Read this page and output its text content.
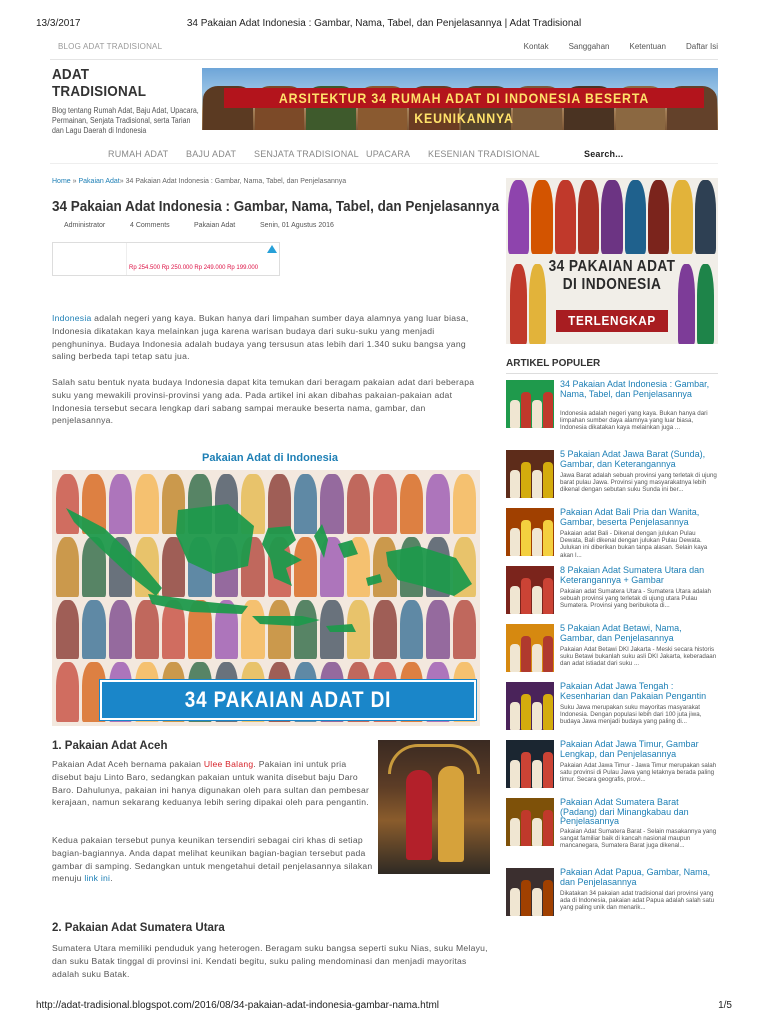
13/3/2017	34 Pakaian Adat Indonesia : Gambar, Nama, Tabel, dan Penjelasannya | Adat Tradisional
BLOG ADAT TRADISIONAL	Kontak	Sanggahan	Ketentuan	Daftar Isi
ADAT TRADISIONAL
Blog tentang Rumah Adat, Baju Adat, Upacara, Permainan, Senjata Tradisional, serta Tarian dan Lagu Daerah di Indonesia
ARSITEKTUR 34 RUMAH ADAT DI INDONESIA BESERTA KEUNIKANNYA
RUMAH ADAT BAJU ADAT SENJATA TRADISIONAL UPACARA KESENIAN TRADISIONAL	Search...
Home » Pakaian Adat» 34 Pakaian Adat Indonesia : Gambar, Nama, Tabel, dan Penjelasannya
34 Pakaian Adat Indonesia : Gambar, Nama, Tabel, dan Penjelasannya
Administrator	4 Comments	Pakaian Adat	Senin, 01 Agustus 2016
Rp 254.500 Rp 250.000 Rp 249.000 Rp 199.000

Indonesia adalah negeri yang kaya. Bukan hanya dari limpahan sumber daya alamnya yang luar biasa, Indonesia dikatakan kaya melainkan juga karena warisan budaya dari suku-suku yang menjadi penghuninya. Budaya Indonesia adalah budaya yang tersusun atas lebih dari 1.340 suku bangsa yang saling berbeda tapi tetap satu jua.

Salah satu bentuk nyata budaya Indonesia dapat kita temukan dari beragam pakaian adat dari beberapa suku yang mewakili provinsi-provinsi yang ada. Pada artikel ini akan dibahas pakaian-pakaian adat Indonesia tersebut secara lengkap dari sabang sampai merauke beserta nama, gambar, dan penjelasannya.

Pakaian Adat di Indonesia
34 PAKAIAN ADAT DI INDONESIA
1. Pakaian Adat Aceh

Pakaian Adat Aceh bernama pakaian Ulee Balang. Pakaian ini untuk pria disebut baju Linto Baro, sedangkan pakaian untuk wanita disebut baju Daro Baro. Dahulunya, pakaian ini hanya digunakan oleh para sultan dan pembesar kerajaan, namun sekarang keduanya lebih sering dipakai oleh para pengantin.

Kedua pakaian tersebut punya keunikan tersendiri sebagai ciri khas di setiap bagian-bagiannya. Anda dapat melihat keunikan bagian-bagian tersebut pada gambar di samping. Sedangkan untuk mengetahui detail penjelasannya silakan menuju link ini.

2. Pakaian Adat Sumatera Utara

Sumatera Utara memiliki penduduk yang heterogen. Beragam suku bangsa seperti suku Nias, suku Melayu, dan suku Batak tinggal di provinsi ini. Kendati begitu, suku paling mendominasi dan menjadi mayoritas adalah suku Batak.

34 PAKAIAN ADAT
DI INDONESIA
TERLENGKAP
ARTIKEL POPULER
34 Pakaian Adat Indonesia : Gambar, Nama, Tabel, dan Penjelasannya
Indonesia adalah negeri yang kaya. Bukan hanya dari limpahan sumber daya alamnya yang luar biasa, Indonesia dikatakan kaya melainkan juga ...
5 Pakaian Adat Jawa Barat (Sunda), Gambar, dan Keterangannya
Jawa Barat adalah sebuah provinsi yang terletak di ujung barat pulau Jawa. Provinsi yang masyarakatnya lebih dikenal dengan sebutan suku Sunda ini ber...
Pakaian Adat Bali Pria dan Wanita, Gambar, beserta Penjelasannya
Pakaian adat Bali - Dikenal dengan julukan Pulau Dewata, Bali dikenal dengan julukan Pulau Dewata. Julukan ini diberikan bukan tanpa alasan. Selain kaya akan l...
8 Pakaian Adat Sumatera Utara dan Keterangannya + Gambar
Pakaian adat Sumatera Utara - Sumatera Utara adalah sebuah provinsi yang terletak di ujung utara Pulau Sumatera. Provinsi yang beribukota di...
5 Pakaian Adat Betawi, Nama, Gambar, dan Penjelasannya
Pakaian Adat Betawi DKI Jakarta - Meski secara historis suku Betawi bukanlah suku asli DKI Jakarta, keberadaan dan adat istiadat dari suku ...
Pakaian Adat Jawa Tengah : Kesenharian dan Pakaian Pengantin
Suku Jawa merupakan suku mayoritas masyarakat Indonesia. Dengan populasi lebih dari 100 juta jiwa, budaya Jawa menjadi budaya yang paling di...
Pakaian Adat Jawa Timur, Gambar Lengkap, dan Penjelasannya
Pakaian Adat Jawa Timur - Jawa Timur merupakan salah satu provinsi di Pulau Jawa yang letaknya berada paling timur. Secara geografis, provi...
Pakaian Adat Sumatera Barat (Padang) dari Minangkabau dan Penjelasannya
Pakaian Adat Sumatera Barat - Selain masakannya yang sangat familiar baik di kancah nasional maupun mancanegara, Sumatera Barat juga dikenal...
Pakaian Adat Papua, Gambar, Nama, dan Penjelasannya
Dikatakan 34 pakaian adat tradisional dari provinsi yang ada di Indonesia, pakaian adat Papua adalah salah satu yang paling unik dan menarik...
http://adat-tradisional.blogspot.com/2016/08/34-pakaian-adat-indonesia-gambar-nama.html	1/5
